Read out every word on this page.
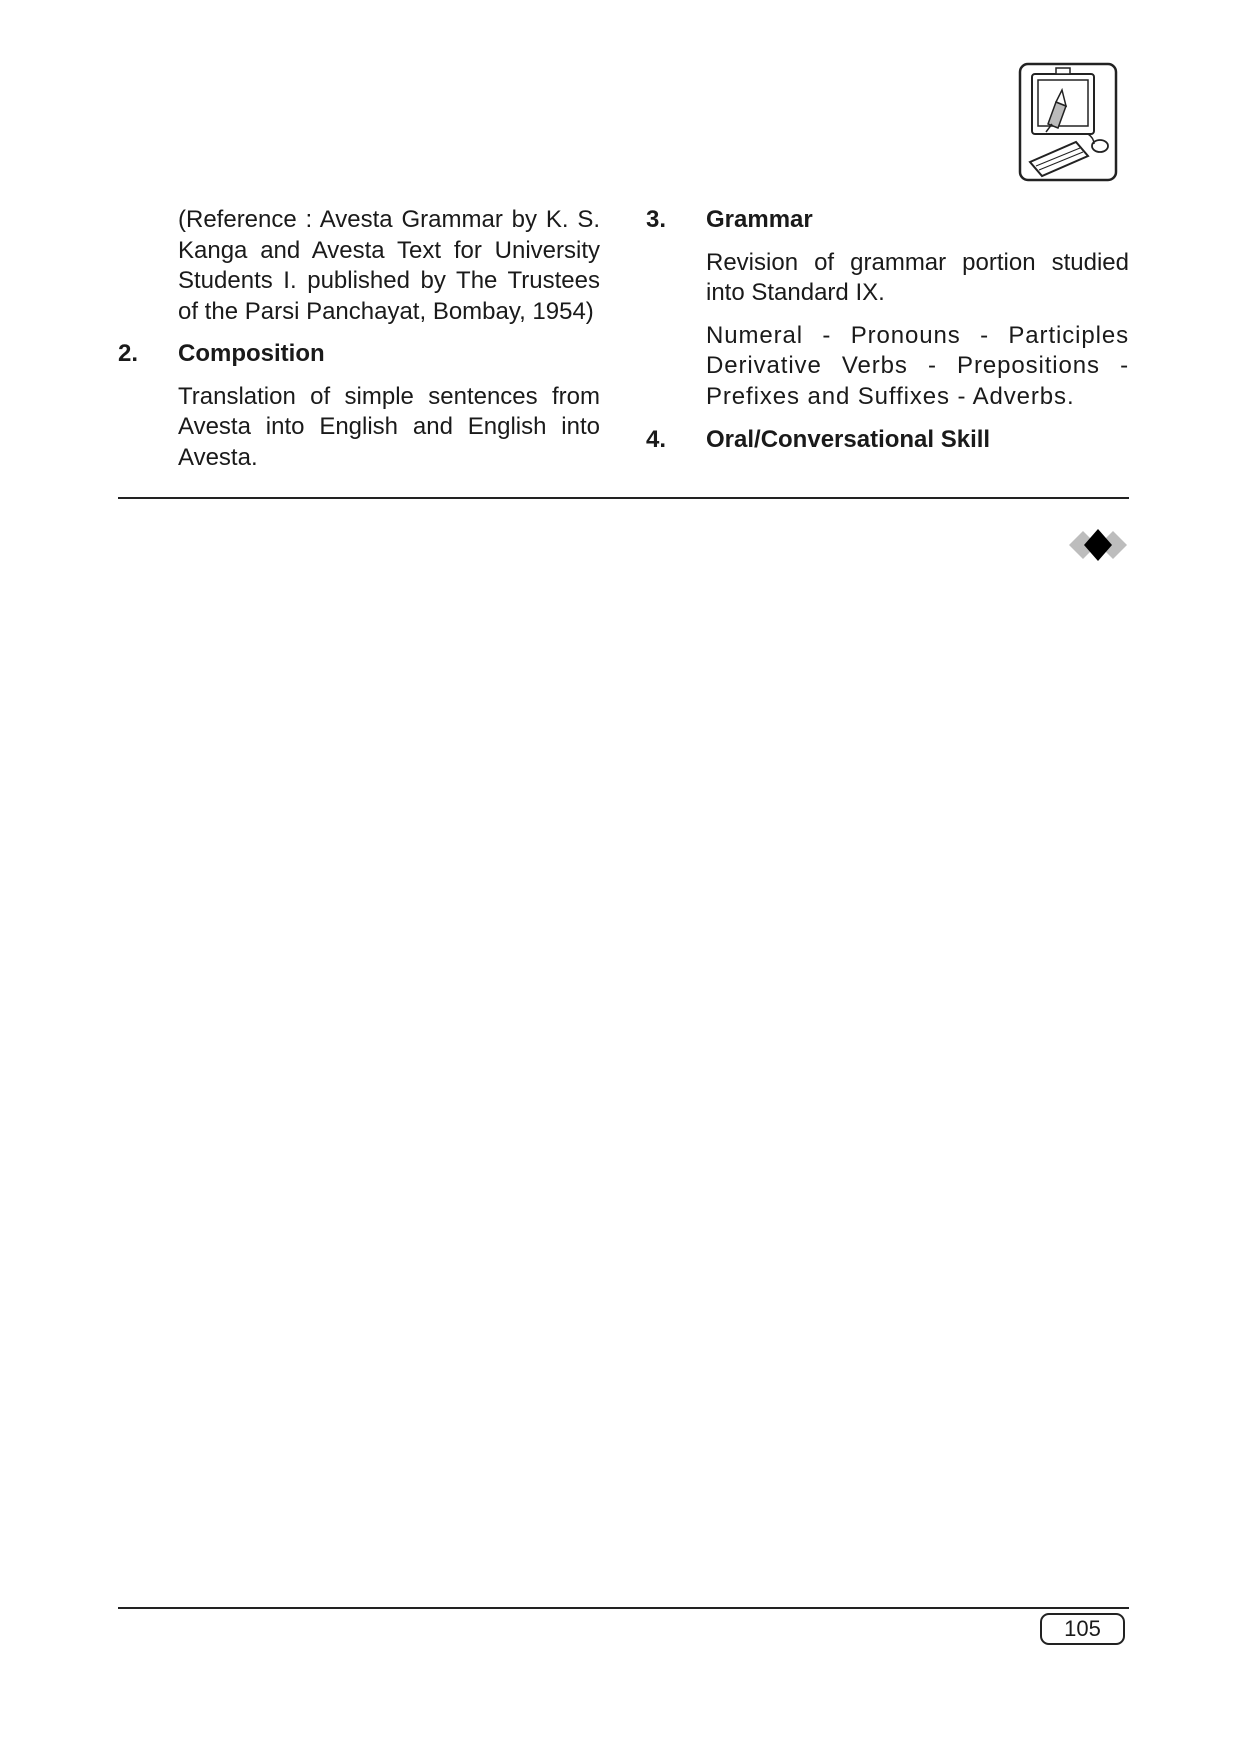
(Reference : Avesta Grammar by K. S. Kanga and Avesta Text for University Students I. published by The Trustees of the Parsi Panchayat, Bombay, 1954)

2.	Composition

Translation of simple sentences from Avesta into English and English into Avesta.

3.	Grammar

Revision of grammar portion studied into Standard IX.

Numeral - Pronouns - Participles Derivative Verbs - Prepositions - Prefixes and Suffixes - Adverbs.

4.	Oral/Conversational Skill
105
